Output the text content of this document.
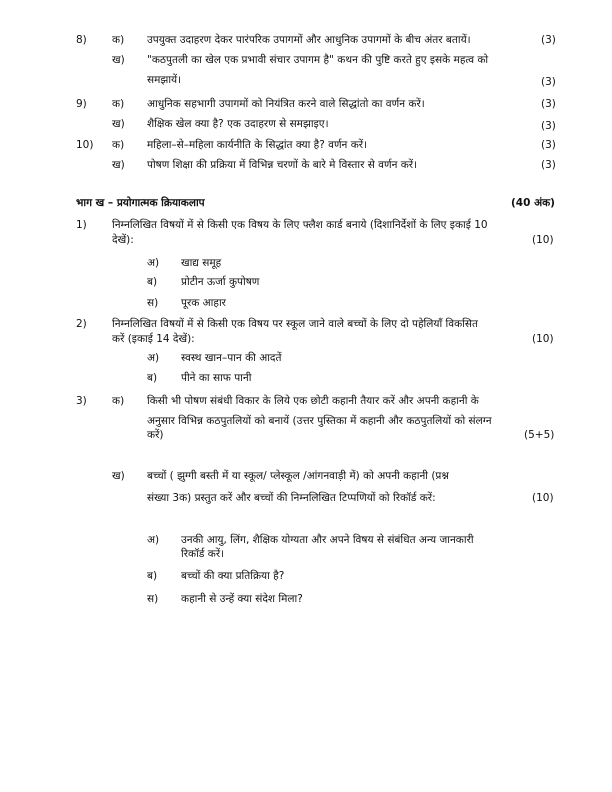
8) क) उपयुक्त उदाहरण देकर पारंपरिक उपागमों और आधुनिक उपागमों के बीच अंतर बतायें।	(3)
ख) "कठपुतली का खेल एक प्रभावी संचार उपागम है" कथन की पुष्टि करते हुए इसके महत्व को
समझायें।	(3)
9) क) आधुनिक सहभागी उपागमों को नियंत्रित करने वाले सिद्धांतो का वर्णन करें।	(3)
ख) शैक्षिक खेल क्या है? एक उदाहरण से समझाइए।	(3)
10) क) महिला–से–महिला कार्यनीति के सिद्धांत क्या है? वर्णन करें।	(3)
ख) पोषण शिक्षा की प्रक्रिया में विभिन्न चरणों के बारे मे विस्तार से वर्णन करें।	(3)
भाग ख – प्रयोगात्मक क्रियाकलाप	(40 अंक)
1) निम्नलिखित विषयों में से किसी एक विषय के लिए फ्लैश कार्ड बनाये (दिशानिर्देशों के लिए इकाई 10
देखें):	(10)
अ) खाद्य समूह
ब) प्रोटीन ऊर्जा कुपोषण
स) पूरक आहार
2) निम्नलिखित विषयों में से किसी एक विषय पर स्कूल जाने वाले बच्चों के लिए दो पहेलियाँ विकसित
करें (इकाई 14 देखें):	(10)
अ) स्वस्थ खान–पान की आदतें
ब) पीने का साफ पानी
3) क) किसी भी पोषण संबंधी विकार के लिये एक छोटी कहानी तैयार करें और अपनी कहानी के
अनुसार विभिन्न कठपुतलियों को बनायें (उत्तर पुस्तिका में कहानी और कठपुतलियों को संलग्न
करें)	(5+5)
ख) बच्चों ( झुग्गी बस्ती में या स्कूल/ प्लेस्कूल /आंगनवाड़ी में) को अपनी कहानी (प्रश्न
संख्या 3क) प्रस्तुत करें और बच्चों की निम्नलिखित टिप्पणियों को रिकॉर्ड करें:	(10)
अ) उनकी आयु, लिंग, शैक्षिक योग्यता और अपने विषय से संबंधित अन्य जानकारी
रिकॉर्ड करें।
ब) बच्चों की क्या प्रतिक्रिया है?
स) कहानी से उन्हें क्या संदेश मिला?
